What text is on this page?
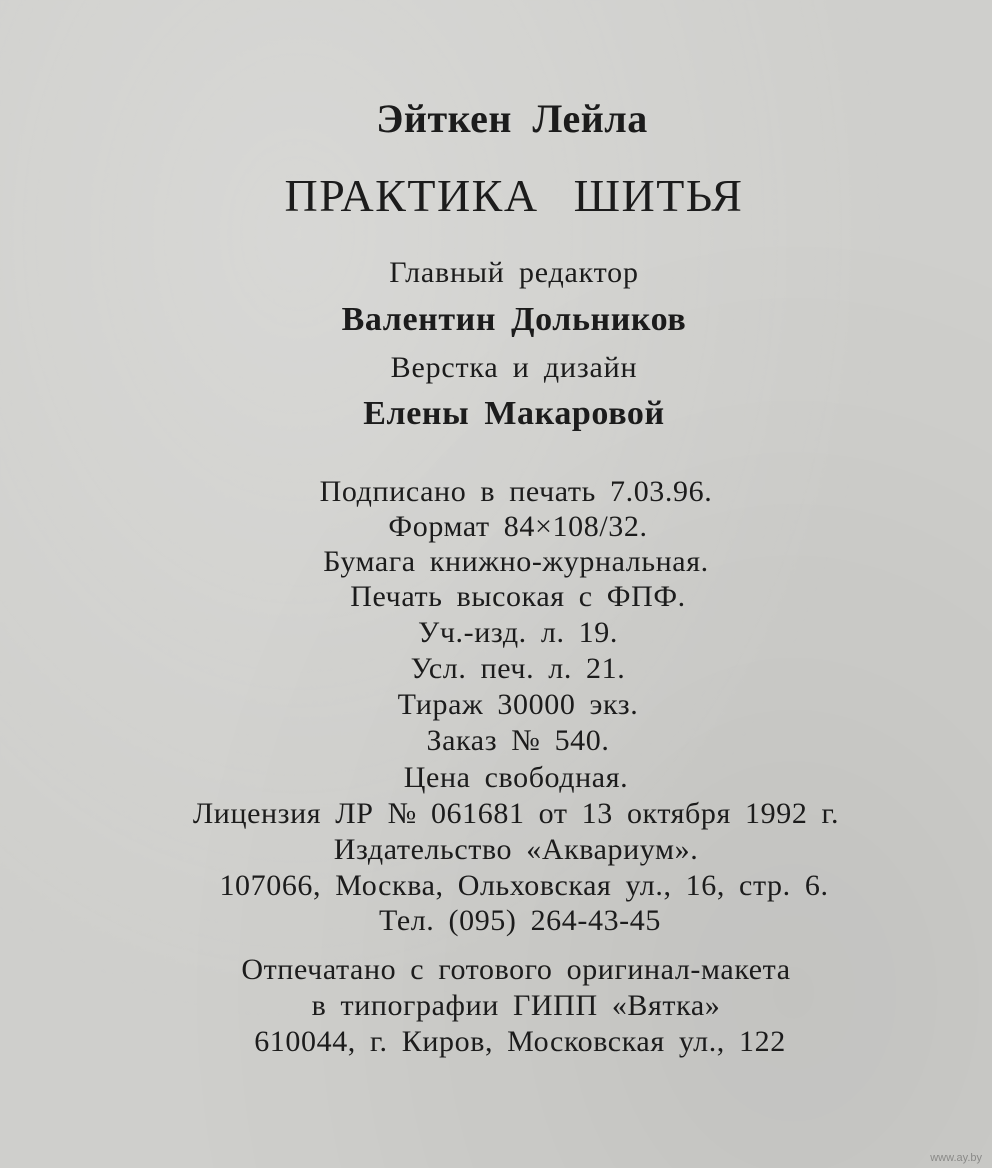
Эйткен Лейла
ПРАКТИКА ШИТЬЯ
Главный редактор
Валентин Дольников
Верстка и дизайн
Елены Макаровой
Подписано в печать 7.03.96.
Формат 84×108/32.
Бумага книжно-журнальная.
Печать высокая с ФПФ.
Уч.-изд. л. 19.
Усл. печ. л. 21.
Тираж 30000 экз.
Заказ № 540.
Цена свободная.
Лицензия ЛР № 061681 от 13 октября 1992 г.
Издательство «Аквариум».
107066, Москва, Ольховская ул., 16, стр. 6.
Тел. (095) 264-43-45
Отпечатано с готового оригинал-макета
в типографии ГИПП «Вятка»
610044, г. Киров, Московская ул., 122
www.ay.by
